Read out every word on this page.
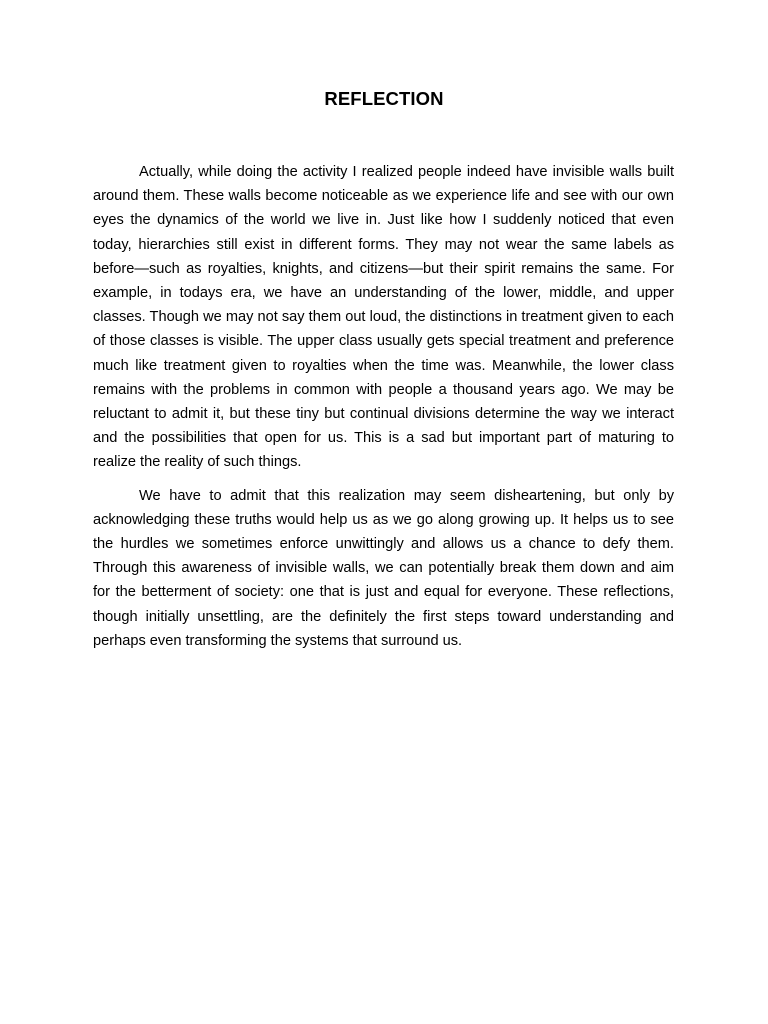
REFLECTION

Actually, while doing the activity I realized people indeed have invisible walls built around them. These walls become noticeable as we experience life and see with our own eyes the dynamics of the world we live in. Just like how I suddenly noticed that even today, hierarchies still exist in different forms. They may not wear the same labels as before—such as royalties, knights, and citizens—but their spirit remains the same. For example, in todays era, we have an understanding of the lower, middle, and upper classes. Though we may not say them out loud, the distinctions in treatment given to each of those classes is visible. The upper class usually gets special treatment and preference much like treatment given to royalties when the time was. Meanwhile, the lower class remains with the problems in common with people a thousand years ago. We may be reluctant to admit it, but these tiny but continual divisions determine the way we interact and the possibilities that open for us. This is a sad but important part of maturing to realize the reality of such things.

We have to admit that this realization may seem disheartening, but only by acknowledging these truths would help us as we go along growing up. It helps us to see the hurdles we sometimes enforce unwittingly and allows us a chance to defy them. Through this awareness of invisible walls, we can potentially break them down and aim for the betterment of society: one that is just and equal for everyone. These reflections, though initially unsettling, are the definitely the first steps toward understanding and perhaps even transforming the systems that surround us.
